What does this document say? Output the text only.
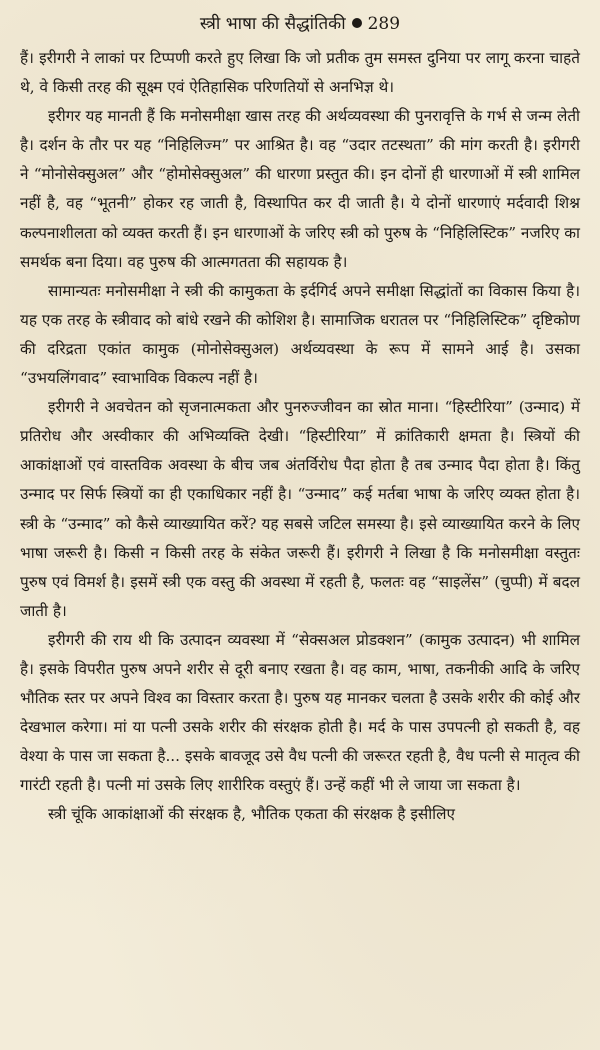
स्त्री भाषा की सैद्धांतिकी 289

हैं। इरीगरी ने लाकां पर टिप्पणी करते हुए लिखा कि जो प्रतीक तुम समस्त दुनिया पर लागू करना चाहते थे, वे किसी तरह की सूक्ष्म एवं ऐतिहासिक परिणतियों से अनभिज्ञ थे।

इरीगर यह मानती हैं कि मनोसमीक्षा खास तरह की अर्थव्यवस्था की पुनरावृत्ति के गर्भ से जन्म लेती है। दर्शन के तौर पर यह “निहिलिज्म” पर आश्रित है। वह “उदार तटस्थता” की मांग करती है। इरीगरी ने “मोनोसेक्सुअल” और “होमोसेक्सुअल” की धारणा प्रस्तुत की। इन दोनों ही धारणाओं में स्त्री शामिल नहीं है, वह “भूतनी” होकर रह जाती है, विस्थापित कर दी जाती है। ये दोनों धारणाएं मर्दवादी शिश्न कल्पनाशीलता को व्यक्त करती हैं। इन धारणाओं के जरिए स्त्री को पुरुष के “निहिलिस्टिक” नजरिए का समर्थक बना दिया। वह पुरुष की आत्मगतता की सहायक है।

सामान्यतः मनोसमीक्षा ने स्त्री की कामुकता के इर्दगिर्द अपने समीक्षा सिद्धांतों का विकास किया है। यह एक तरह के स्त्रीवाद को बांधे रखने की कोशिश है। सामाजिक धरातल पर “निहिलिस्टिक” दृष्टिकोण की दरिद्रता एकांत कामुक (मोनोसेक्सुअल) अर्थव्यवस्था के रूप में सामने आई है। उसका “उभयलिंगवाद” स्वाभाविक विकल्प नहीं है।

इरीगरी ने अवचेतन को सृजनात्मकता और पुनरुज्जीवन का स्रोत माना। “हिस्टीरिया” (उन्माद) में प्रतिरोध और अस्वीकार की अभिव्यक्ति देखी। “हिस्टीरिया” में क्रांतिकारी क्षमता है। स्त्रियों की आकांक्षाओं एवं वास्तविक अवस्था के बीच जब अंतर्विरोध पैदा होता है तब उन्माद पैदा होता है। किंतु उन्माद पर सिर्फ स्त्रियों का ही एकाधिकार नहीं है। “उन्माद” कई मर्तबा भाषा के जरिए व्यक्त होता है। स्त्री के “उन्माद” को कैसे व्याख्यायित करें? यह सबसे जटिल समस्या है। इसे व्याख्यायित करने के लिए भाषा जरूरी है। किसी न किसी तरह के संकेत जरूरी हैं। इरीगरी ने लिखा है कि मनोसमीक्षा वस्तुतः पुरुष एवं विमर्श है। इसमें स्त्री एक वस्तु की अवस्था में रहती है, फलतः वह “साइलेंस” (चुप्पी) में बदल जाती है।

इरीगरी की राय थी कि उत्पादन व्यवस्था में “सेक्सअल प्रोडक्शन” (कामुक उत्पादन) भी शामिल है। इसके विपरीत पुरुष अपने शरीर से दूरी बनाए रखता है। वह काम, भाषा, तकनीकी आदि के जरिए भौतिक स्तर पर अपने विश्व का विस्तार करता है। पुरुष यह मानकर चलता है उसके शरीर की कोई और देखभाल करेगा। मां या पत्नी उसके शरीर की संरक्षक होती है। मर्द के पास उपपत्नी हो सकती है, वह वेश्या के पास जा सकता है... इसके बावजूद उसे वैध पत्नी की जरूरत रहती है, वैध पत्नी से मातृत्व की गारंटी रहती है। पत्नी मां उसके लिए शारीरिक वस्तुएं हैं। उन्हें कहीं भी ले जाया जा सकता है।

स्त्री चूंकि आकांक्षाओं की संरक्षक है, भौतिक एकता की संरक्षक है इसीलिए
